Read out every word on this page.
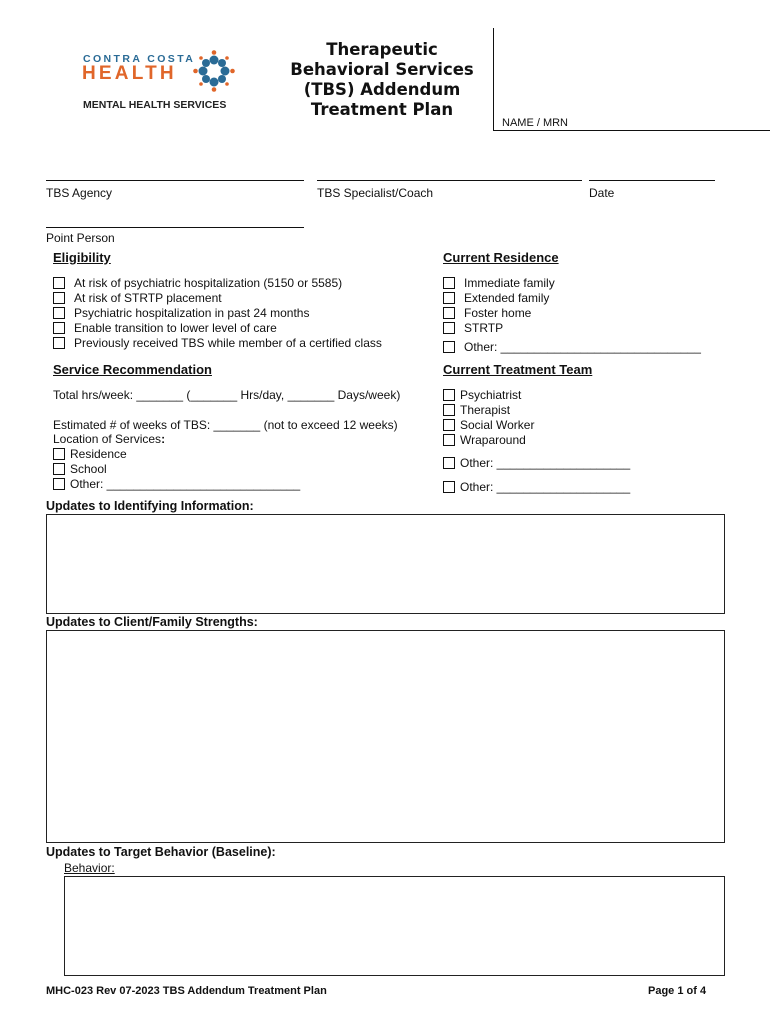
CONTRA COSTA
HEALTH
MENTAL HEALTH SERVICES
Therapeutic
Behavioral Services
(TBS) Addendum
Treatment Plan
NAME / MRN
TBS Agency	TBS Specialist/Coach	Date
Point Person
Eligibility
At risk of psychiatric hospitalization (5150 or 5585)
At risk of STRTP placement
Psychiatric hospitalization in past 24 months
Enable transition to lower level of care
Previously received TBS while member of a certified class
Current Residence
Immediate family
Extended family
Foster home
STRTP
Other: ______________________________
Service Recommendation
Total hrs/week: _______ (_______ Hrs/day, _______ Days/week)
Estimated # of weeks of TBS: _______ (not to exceed 12 weeks)
Location of Services:
Residence
School
Other: _____________________________
Current Treatment Team
Psychiatrist
Therapist
Social Worker
Wraparound
Other: ____________________
Other: ____________________
Updates to Identifying Information:
Updates to Client/Family Strengths:
Updates to Target Behavior (Baseline):
Behavior:
MHC-023 Rev 07-2023 TBS Addendum Treatment Plan	Page 1 of 4
